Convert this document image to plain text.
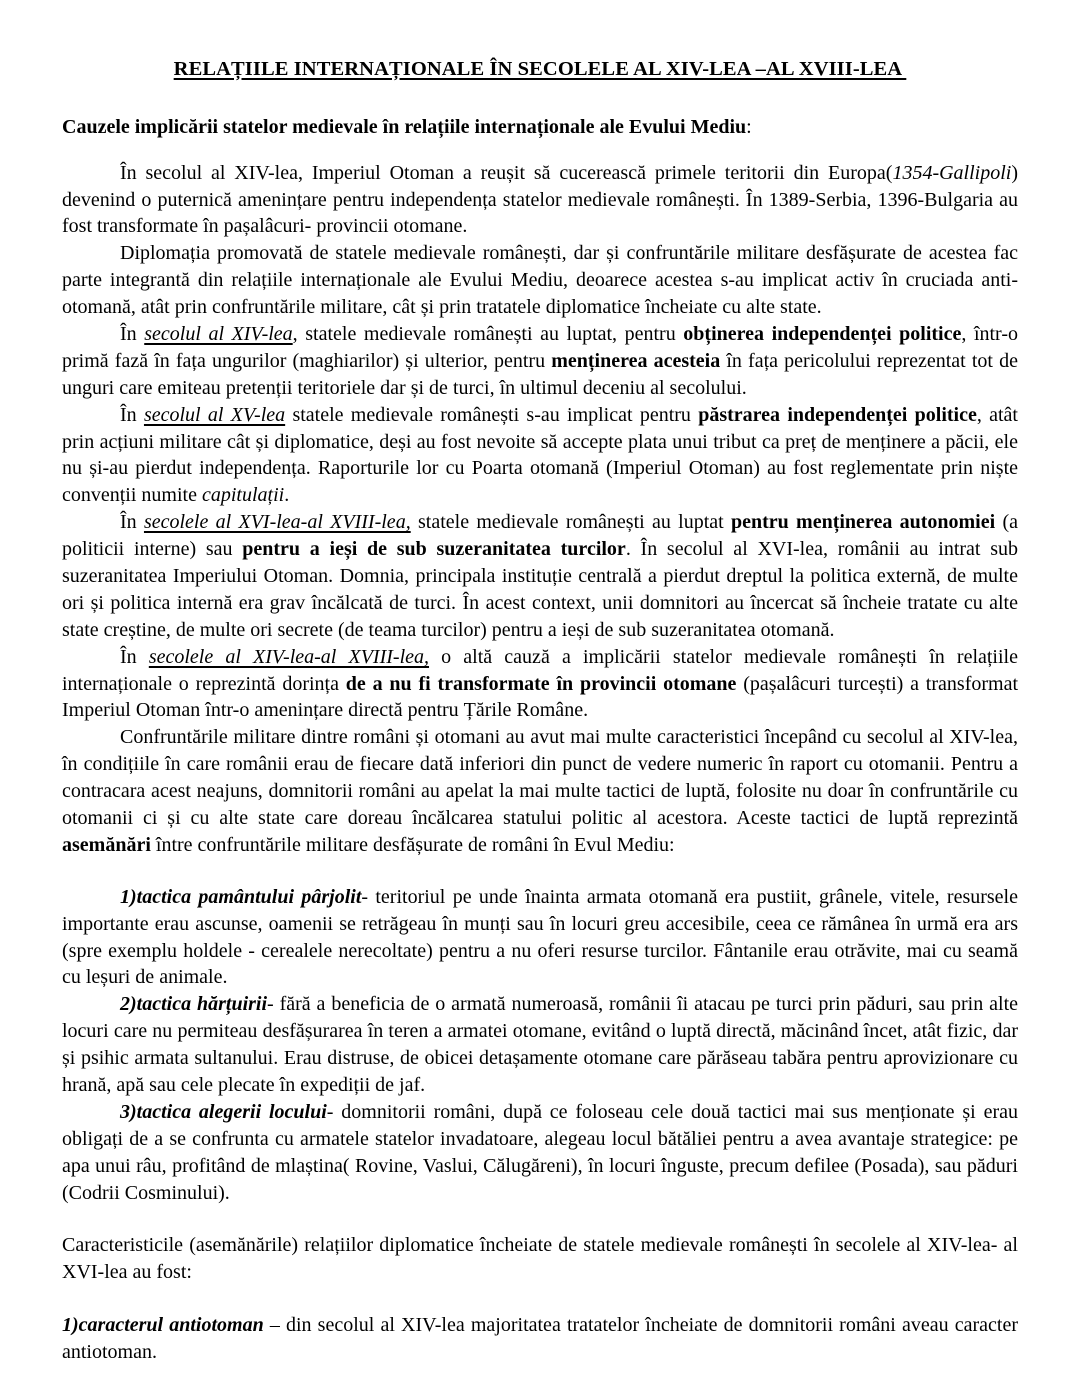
RELAȚIILE INTERNAȚIONALE ÎN SECOLELE AL XIV-LEA –AL XVIII-LEA
Cauzele implicării statelor medievale în relațiile internaționale ale Evului Mediu:

În secolul al XIV-lea, Imperiul Otoman a reușit să cucerească primele teritorii din Europa(1354-Gallipoli) devenind o puternică amenințare pentru independența statelor medievale românești. În 1389-Serbia, 1396-Bulgaria au fost transformate în pașalâcuri- provincii otomane.

Diplomația promovată de statele medievale românești, dar și confruntările militare desfășurate de acestea fac parte integrantă din relațiile internaționale ale Evului Mediu, deoarece acestea s-au implicat activ în cruciada anti-otomană, atât prin confruntările militare, cât și prin tratatele diplomatice încheiate cu alte state.

În secolul al XIV-lea, statele medievale românești au luptat, pentru obținerea independenței politice, într-o primă fază în fața ungurilor (maghiarilor) și ulterior, pentru menținerea acesteia în fața pericolului reprezentat tot de unguri care emiteau pretenții teritoriele dar și de turci, în ultimul deceniu al secolului.

În secolul al XV-lea statele medievale românești s-au implicat pentru păstrarea independenței politice, atât prin acțiuni militare cât și diplomatice, deși au fost nevoite să accepte plata unui tribut ca preț de menținere a păcii, ele nu și-au pierdut independența. Raporturile lor cu Poarta otomană (Imperiul Otoman) au fost reglementate prin niște convenții numite capitulații.

În secolele al XVI-lea-al XVIII-lea, statele medievale românești au luptat pentru menținerea autonomiei (a politicii interne) sau pentru a ieși de sub suzeranitatea turcilor. În secolul al XVI-lea, românii au intrat sub suzeranitatea Imperiului Otoman. Domnia, principala instituție centrală a pierdut dreptul la politica externă, de multe ori și politica internă era grav încălcată de turci. În acest context, unii domnitori au încercat să încheie tratate cu alte state creștine, de multe ori secrete (de teama turcilor) pentru a ieși de sub suzeranitatea otomană.

În secolele al XIV-lea-al XVIII-lea, o altă cauză a implicării statelor medievale românești în relațiile internaționale o reprezintă dorința de a nu fi transformate în provincii otomane (pașalâcuri turcești) a transformat Imperiul Otoman într-o amenințare directă pentru Țările Române.

Confruntările militare dintre români și otomani au avut mai multe caracteristici începând cu secolul al XIV-lea, în condițiile în care românii erau de fiecare dată inferiori din punct de vedere numeric în raport cu otomanii. Pentru a contracara acest neajuns, domnitorii români au apelat la mai multe tactici de luptă, folosite nu doar în confruntările cu otomanii ci și cu alte state care doreau încălcarea statului politic al acestora. Aceste tactici de luptă reprezintă asemănări între confruntările militare desfășurate de români în Evul Mediu:

1)tactica pamântului pârjolit- teritoriul pe unde înainta armata otomană era pustiit, grânele, vitele, resursele importante erau ascunse, oamenii se retrăgeau în munți sau în locuri greu accesibile, ceea ce rămânea în urmă era ars (spre exemplu holdele - cerealele nerecoltate) pentru a nu oferi resurse turcilor. Fântanile erau otrăvite, mai cu seamă cu leșuri de animale.

2)tactica hărțuirii- fără a beneficia de o armată numeroasă, românii îi atacau pe turci prin păduri, sau prin alte locuri care nu permiteau desfășurarea în teren a armatei otomane, evitând o luptă directă, măcinând încet, atât fizic, dar și psihic armata sultanului. Erau distruse, de obicei detașamente otomane care părăseau tabăra pentru aprovizionare cu hrană, apă sau cele plecate în expediții de jaf.

3)tactica alegerii locului- domnitorii români, după ce foloseau cele două tactici mai sus menționate și erau obligați de a se confrunta cu armatele statelor invadatoare, alegeau locul bătăliei pentru a avea avantaje strategice: pe apa unui râu, profitând de mlaștina( Rovine, Vaslui, Călugăreni), în locuri înguste, precum defilee (Posada), sau păduri (Codrii Cosminului).

Caracteristicile (asemănările) relațiilor diplomatice încheiate de statele medievale românești în secolele al XIV-lea- al XVI-lea au fost:

1)caracterul antiotoman – din secolul al XIV-lea majoritatea tratatelor încheiate de domnitorii români aveau caracter antiotoman.
